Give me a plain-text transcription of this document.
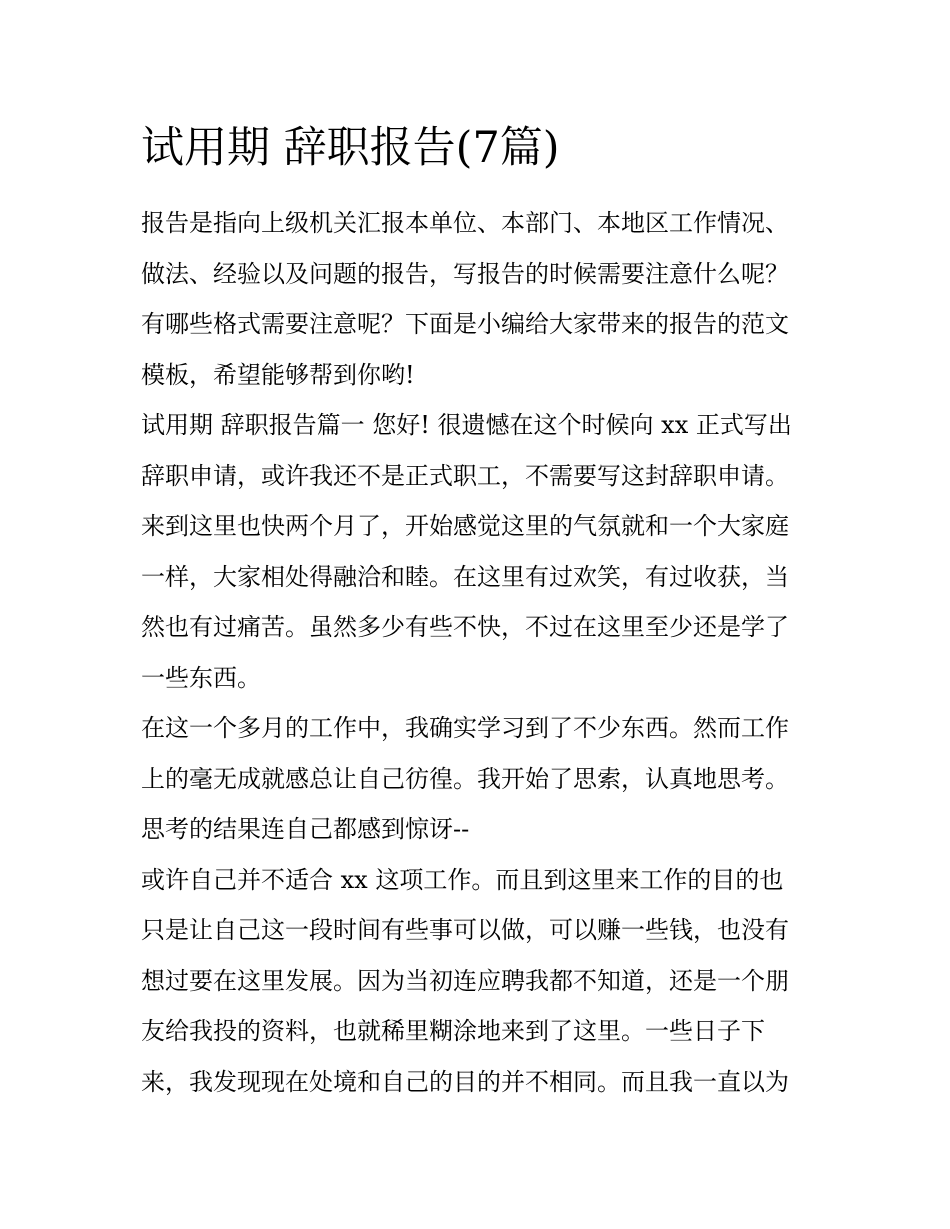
试用期 辞职报告(7篇)
报告是指向上级机关汇报本单位、本部门、本地区工作情况、
做法、经验以及问题的报告，写报告的时候需要注意什么呢？
有哪些格式需要注意呢？下面是小编给大家带来的报告的范文
模板，希望能够帮到你哟!
试用期 辞职报告篇一 您好! 很遗憾在这个时候向 xx 正式写出
辞职申请，或许我还不是正式职工，不需要写这封辞职申请。
来到这里也快两个月了，开始感觉这里的气氛就和一个大家庭
一样，大家相处得融洽和睦。在这里有过欢笑，有过收获，当
然也有过痛苦。虽然多少有些不快，不过在这里至少还是学了
一些东西。
在这一个多月的工作中，我确实学习到了不少东西。然而工作
上的毫无成就感总让自己彷徨。我开始了思索，认真地思考。
思考的结果连自己都感到惊讶--
或许自己并不适合 xx 这项工作。而且到这里来工作的目的也
只是让自己这一段时间有些事可以做，可以赚一些钱，也没有
想过要在这里发展。因为当初连应聘我都不知道，还是一个朋
友给我投的资料，也就稀里糊涂地来到了这里。一些日子下
来，我发现现在处境和自己的目的并不相同。而且我一直以为
